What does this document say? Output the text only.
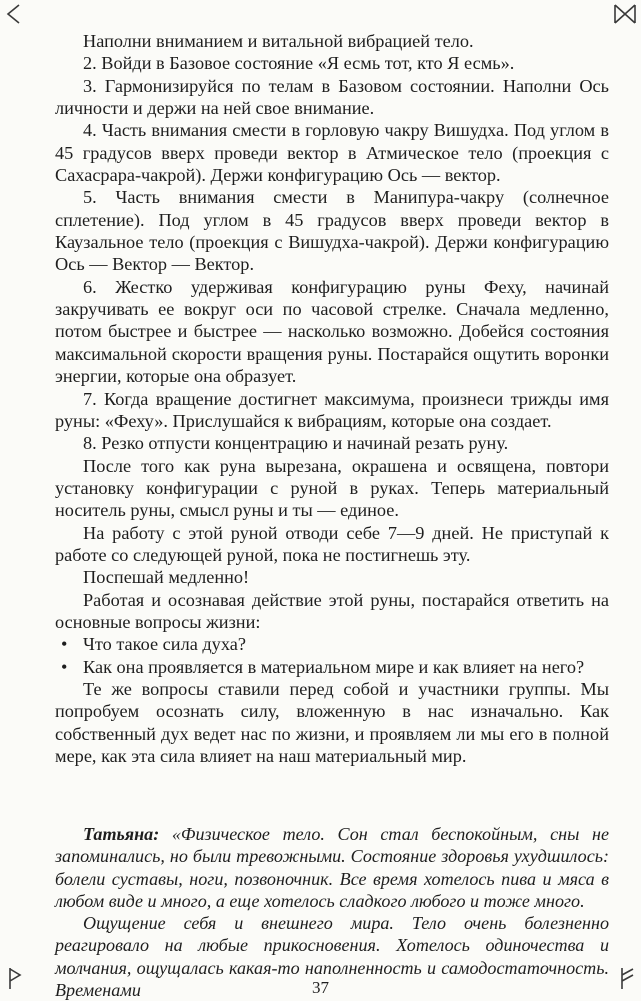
Наполни вниманием и витальной вибрацией тело.

2. Войди в Базовое состояние «Я есмь тот, кто Я есмь».

3. Гармонизируйся по телам в Базовом состоянии. Наполни Ось личности и держи на ней свое внимание.

4. Часть внимания смести в горловую чакру Вишудха. Под углом в 45 градусов вверх проведи вектор в Атмическое тело (проекция с Сахасрара-чакрой). Держи конфигурацию Ось — вектор.

5. Часть внимания смести в Манипура-чакру (солнечное сплетение). Под углом в 45 градусов вверх проведи вектор в Каузальное тело (проекция с Вишудха-чакрой). Держи конфигурацию Ось — Вектор — Вектор.

6. Жестко удерживая конфигурацию руны Феху, начинай закручивать ее вокруг оси по часовой стрелке. Сначала медленно, потом быстрее и быстрее — насколько возможно. Добейся состояния максимальной скорости вращения руны. Постарайся ощутить воронки энергии, которые она образует.

7. Когда вращение достигнет максимума, произнеси трижды имя руны: «Феху». Прислушайся к вибрациям, которые она создает.

8. Резко отпусти концентрацию и начинай резать руну.

После того как руна вырезана, окрашена и освящена, повтори установку конфигурации с руной в руках. Теперь материальный носитель руны, смысл руны и ты — единое.

На работу с этой руной отводи себе 7—9 дней. Не приступай к работе со следующей руной, пока не постигнешь эту.

Поспешай медленно!

Работая и осознавая действие этой руны, постарайся ответить на основные вопросы жизни:

• Что такое сила духа?

• Как она проявляется в материальном мире и как влияет на него?

Те же вопросы ставили перед собой и участники группы. Мы попробуем осознать силу, вложенную в нас изначально. Как собственный дух ведет нас по жизни, и проявляем ли мы его в полной мере, как эта сила влияет на наш материальный мир.

Татьяна: «Физическое тело. Сон стал беспокойным, сны не запоминались, но были тревожными. Состояние здоровья ухудшилось: болели суставы, ноги, позвоночник. Все время хотелось пива и мяса в любом виде и много, а еще хотелось сладкого любого и тоже много.

Ощущение себя и внешнего мира. Тело очень болезненно реагировало на любые прикосновения. Хотелось одиночества и молчания, ощущалась какая-то наполненность и самодостаточность. Временами	37
